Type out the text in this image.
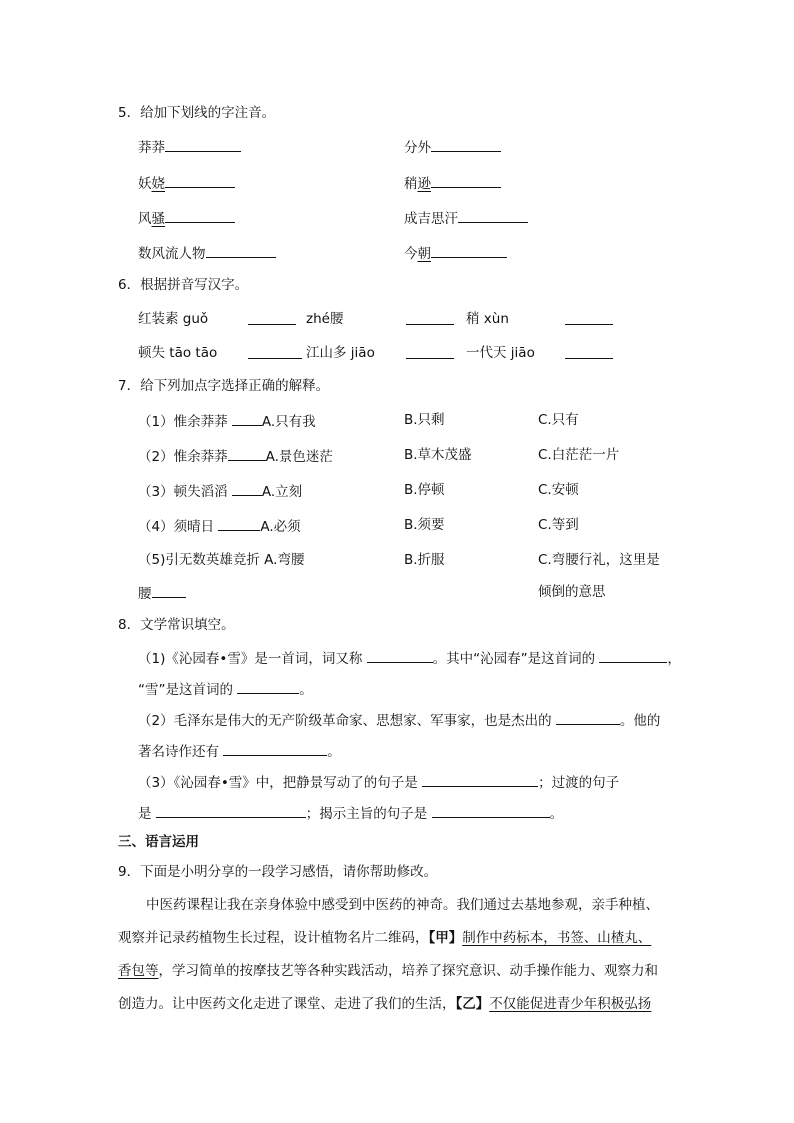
5．给加下划线的字注音。
莽莽	分外
妖娆	稍逊
风骚	成吉思汗
数风流人物	今朝
6．根据拼音写汉字。
红装素 guǒ	zhé腰	稍 xùn
顿失 tāo tāo	江山多 jiāo	一代天 jiāo
7．给下列加点字选择正确的解释。
（1）惟余莽莽	A.只有我	B.只剩	C.只有
（2）惟余莽莽	A.景色迷茫	B.草木茂盛	C.白茫茫一片
（3）顿失滔滔	A.立刻	B.停顿	C.安顿
（4）须晴日	A.必须	B.须要	C.等到
（5)引无数英雄竞折 A.弯腰	B.折服	C.弯腰行礼，这里是
腰	倾倒的意思
8．文学常识填空。
（1)《沁园春•雪》是一首词，词又称	。其中“沁园春”是这首词的	，
“雪”是这首词的	。
（2）毛泽东是伟大的无产阶级革命家、思想家、军事家，也是杰出的	。他的
著名诗作还有	。
（3）《沁园春•雪》中，把静景写动了的句子是	；过渡的句子
是	；揭示主旨的句子是	。
三、语言运用
9．下面是小明分享的一段学习感悟，请你帮助修改。
中医药课程让我在亲身体验中感受到中医药的神奇。我们通过去基地参观，亲手种植、
观察并记录药植物生长过程，设计植物名片二维码，【甲】制作中药标本，书签、山楂丸、
香包等，学习简单的按摩技艺等各种实践活动，培养了探究意识、动手操作能力、观察力和
创造力。让中医药文化走进了课堂、走进了我们的生活，【乙】不仅能促进青少年积极弘扬
